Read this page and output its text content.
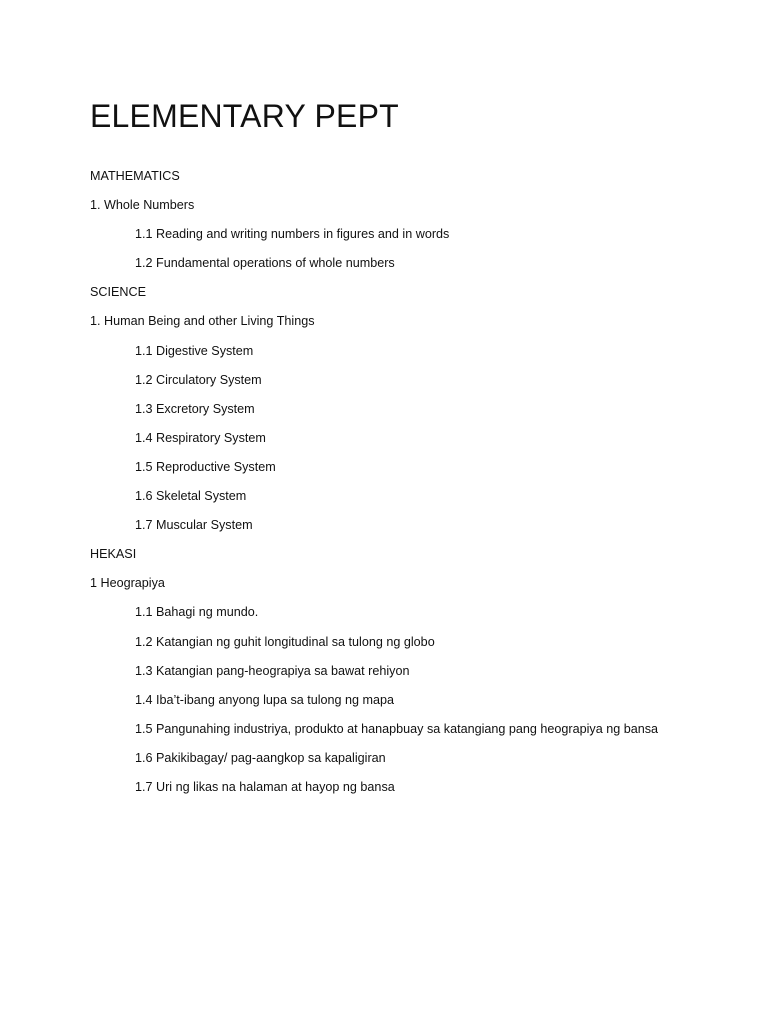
ELEMENTARY PEPT
MATHEMATICS
1. Whole Numbers
1.1 Reading and writing numbers in figures and in words
1.2 Fundamental operations of whole numbers
SCIENCE
1. Human Being and other Living Things
1.1 Digestive System
1.2 Circulatory System
1.3 Excretory System
1.4 Respiratory System
1.5 Reproductive System
1.6 Skeletal System
1.7 Muscular System
HEKASI
1 Heograpiya
1.1 Bahagi ng mundo.
1.2 Katangian ng guhit longitudinal sa tulong ng globo
1.3 Katangian pang-heograpiya sa bawat rehiyon
1.4 Iba’t-ibang anyong lupa sa tulong ng mapa
1.5 Pangunahing industriya, produkto at hanapbuay sa katangiang pang heograpiya ng bansa
1.6 Pakikibagay/ pag-aangkop sa kapaligiran
1.7 Uri ng likas na halaman at hayop ng bansa
